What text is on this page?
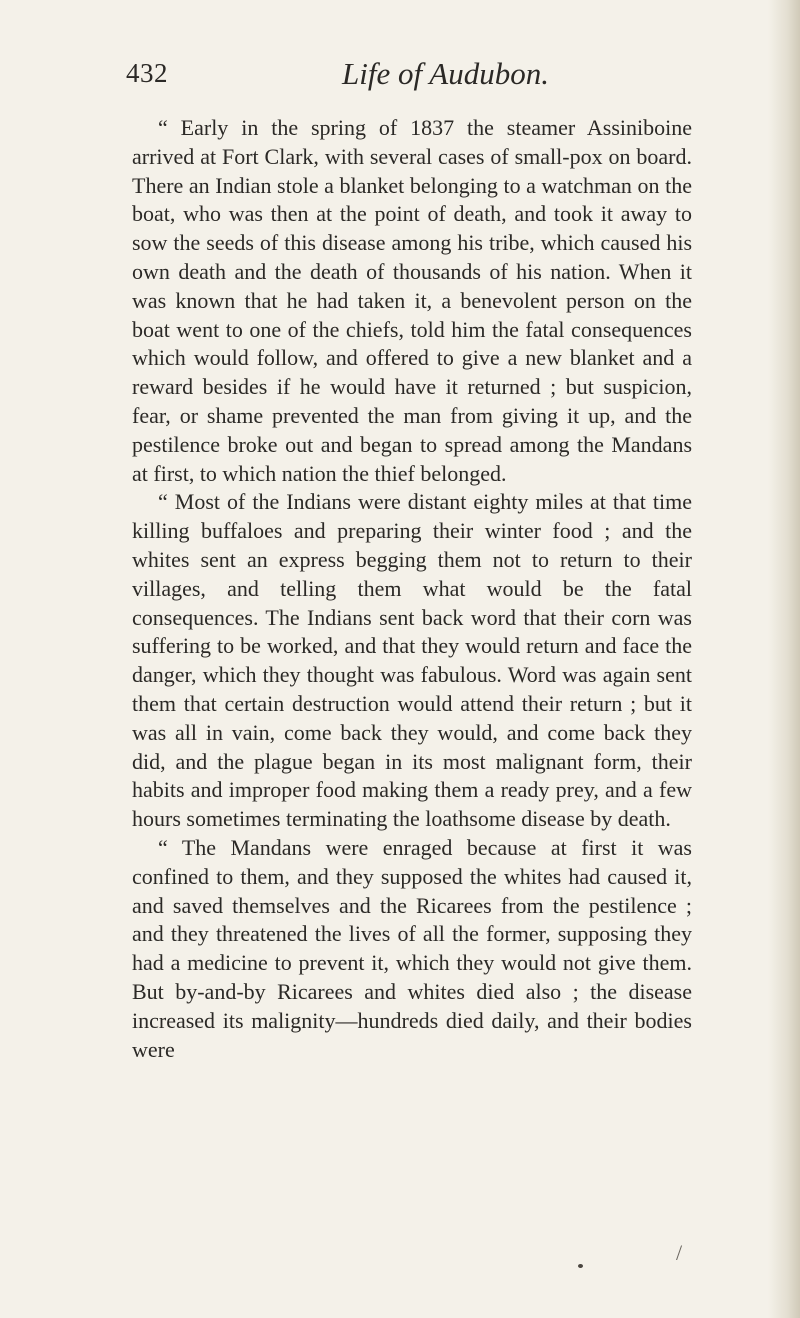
432	Life of Audubon.

“ Early in the spring of 1837 the steamer Assiniboine arrived at Fort Clark, with several cases of small-pox on board. There an Indian stole a blanket belonging to a watchman on the boat, who was then at the point of death, and took it away to sow the seeds of this disease among his tribe, which caused his own death and the death of thousands of his nation. When it was known that he had taken it, a benevolent person on the boat went to one of the chiefs, told him the fatal consequences which would follow, and offered to give a new blanket and a reward besides if he would have it returned ; but suspicion, fear, or shame prevented the man from giving it up, and the pestilence broke out and began to spread among the Mandans at first, to which nation the thief belonged.

“ Most of the Indians were distant eighty miles at that time killing buffaloes and preparing their winter food ; and the whites sent an express begging them not to return to their villages, and telling them what would be the fatal consequences. The Indians sent back word that their corn was suffering to be worked, and that they would return and face the danger, which they thought was fabulous. Word was again sent them that certain destruction would attend their return ; but it was all in vain, come back they would, and come back they did, and the plague began in its most malignant form, their habits and improper food making them a ready prey, and a few hours sometimes terminating the loathsome disease by death.

“ The Mandans were enraged because at first it was confined to them, and they supposed the whites had caused it, and saved themselves and the Ricarees from the pestilence ; and they threatened the lives of all the former, supposing they had a medicine to prevent it, which they would not give them. But by-and-by Ricarees and whites died also ; the disease increased its malignity—hundreds died daily, and their bodies were

/
